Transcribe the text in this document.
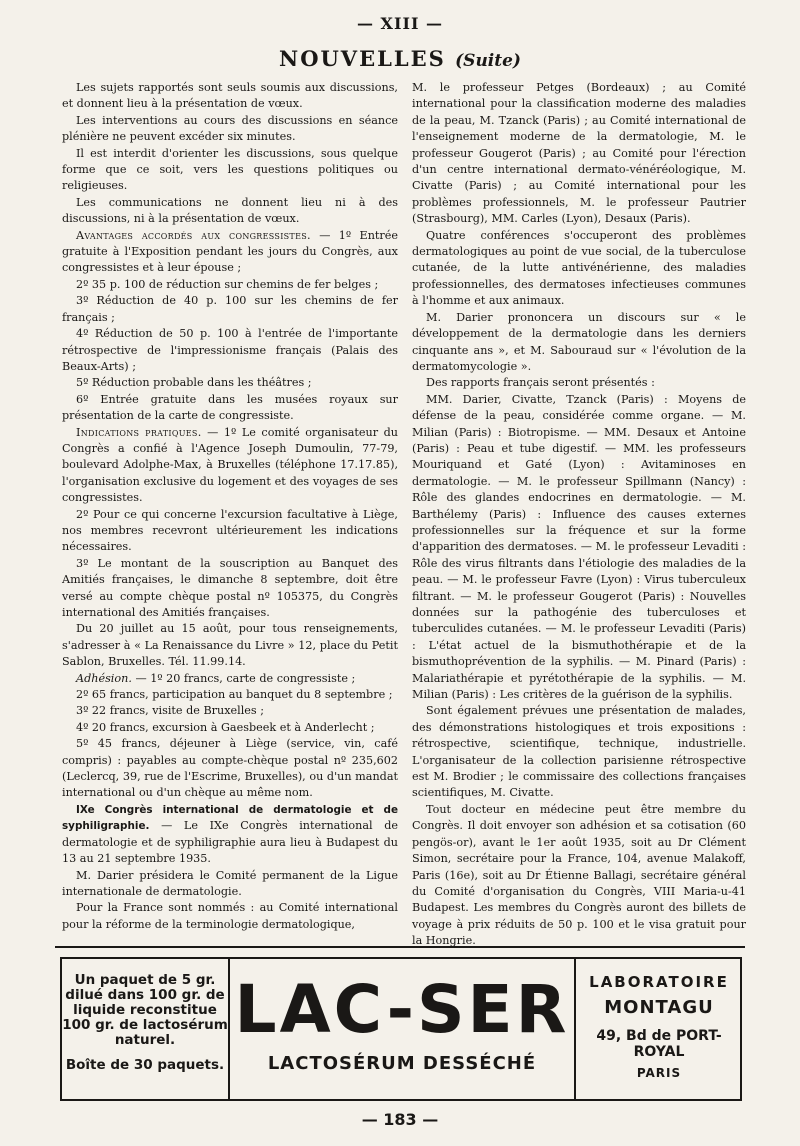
— XIII —
NOUVELLES (Suite)

Les sujets rapportés sont seuls soumis aux discussions, et donnent lieu à la présentation de vœux.

Les interventions au cours des discussions en séance plénière ne peuvent excéder six minutes.

Il est interdit d'orienter les discussions, sous quelque forme que ce soit, vers les questions politiques ou religieuses.

Les communications ne donnent lieu ni à des discussions, ni à la présentation de vœux.

Avantages accordés aux congressistes. — 1º Entrée gratuite à l'Exposition pendant les jours du Congrès, aux congressistes et à leur épouse ;

2º 35 p. 100 de réduction sur chemins de fer belges ;

3º Réduction de 40 p. 100 sur les chemins de fer français ;

4º Réduction de 50 p. 100 à l'entrée de l'importante rétrospective de l'impressionisme français (Palais des Beaux-Arts) ;

5º Réduction probable dans les théâtres ;

6º Entrée gratuite dans les musées royaux sur présentation de la carte de congressiste.

Indications pratiques. — 1º Le comité organisateur du Congrès a confié à l'Agence Joseph Dumoulin, 77-79, boulevard Adolphe-Max, à Bruxelles (téléphone 17.17.85), l'organisation exclusive du logement et des voyages de ses congressistes.

2º Pour ce qui concerne l'excursion facultative à Liège, nos membres recevront ultérieurement les indications nécessaires.

3º Le montant de la souscription au Banquet des Amitiés françaises, le dimanche 8 septembre, doit être versé au compte chèque postal nº 105375, du Congrès international des Amitiés françaises.

Du 20 juillet au 15 août, pour tous renseignements, s'adresser à « La Renaissance du Livre » 12, place du Petit Sablon, Bruxelles. Tél. 11.99.14.

Adhésion. — 1º 20 francs, carte de congressiste ;

2º 65 francs, participation au banquet du 8 septembre ;

3º 22 francs, visite de Bruxelles ;

4º 20 francs, excursion à Gaesbeek et à Anderlecht ;

5º 45 francs, déjeuner à Liège (service, vin, café compris) : payables au compte-chèque postal nº 235,602 (Leclercq, 39, rue de l'Escrime, Bruxelles), ou d'un mandat international ou d'un chèque au même nom.

IXe Congrès international de dermatologie et de syphiligraphie. — Le IXe Congrès international de dermatologie et de syphiligraphie aura lieu à Budapest du 13 au 21 septembre 1935.

M. Darier présidera le Comité permanent de la Ligue internationale de dermatologie.

Pour la France sont nommés : au Comité international pour la réforme de la terminologie dermatologique,

M. le professeur Petges (Bordeaux) ; au Comité international pour la classification moderne des maladies de la peau, M. Tzanck (Paris) ; au Comité international de l'enseignement moderne de la dermatologie, M. le professeur Gougerot (Paris) ; au Comité pour l'érection d'un centre international dermato-vénéréologique, M. Civatte (Paris) ; au Comité international pour les problèmes professionnels, M. le professeur Pautrier (Strasbourg), MM. Carles (Lyon), Desaux (Paris).

Quatre conférences s'occuperont des problèmes dermatologiques au point de vue social, de la tuberculose cutanée, de la lutte antivénérienne, des maladies professionnelles, des dermatoses infectieuses communes à l'homme et aux animaux.

M. Darier prononcera un discours sur « le développement de la dermatologie dans les derniers cinquante ans », et M. Sabouraud sur « l'évolution de la dermatomycologie ».

Des rapports français seront présentés :

MM. Darier, Civatte, Tzanck (Paris) : Moyens de défense de la peau, considérée comme organe. — M. Milian (Paris) : Biotropisme. — MM. Desaux et Antoine (Paris) : Peau et tube digestif. — MM. les professeurs Mouriquand et Gaté (Lyon) : Avitaminoses en dermatologie. — M. le professeur Spillmann (Nancy) : Rôle des glandes endocrines en dermatologie. — M. Barthélemy (Paris) : Influence des causes externes professionnelles sur la fréquence et sur la forme d'apparition des dermatoses. — M. le professeur Levaditi : Rôle des virus filtrants dans l'étiologie des maladies de la peau. — M. le professeur Favre (Lyon) : Virus tuberculeux filtrant. — M. le professeur Gougerot (Paris) : Nouvelles données sur la pathogénie des tuberculoses et tuberculides cutanées. — M. le professeur Levaditi (Paris) : L'état actuel de la bismuthothérapie et de la bismuthoprévention de la syphilis. — M. Pinard (Paris) : Malariathérapie et pyrétothérapie de la syphilis. — M. Milian (Paris) : Les critères de la guérison de la syphilis.

Sont également prévues une présentation de malades, des démonstrations histologiques et trois expositions : rétrospective, scientifique, technique, industrielle. L'organisateur de la collection parisienne rétrospective est M. Brodier ; le commissaire des collections françaises scientifiques, M. Civatte.

Tout docteur en médecine peut être membre du Congrès. Il doit envoyer son adhésion et sa cotisation (60 pengös-or), avant le 1er août 1935, soit au Dr Clément Simon, secrétaire pour la France, 104, avenue Malakoff, Paris (16e), soit au Dr Étienne Ballagi, secrétaire général du Comité d'organisation du Congrès, VIII Maria-u-41 Budapest. Les membres du Congrès auront des billets de voyage à prix réduits de 50 p. 100 et le visa gratuit pour la Hongrie.

Un paquet de 5 gr.
dilué dans 100 gr. de
liquide reconstitue
100 gr. de lactosérum
naturel.
Boîte de 30 paquets.
LAC-SER
LACTOSÉRUM DESSÉCHÉ
LABORATOIRE
MONTAGU
49, Bd de PORT-ROYAL
PARIS
— 183 —
